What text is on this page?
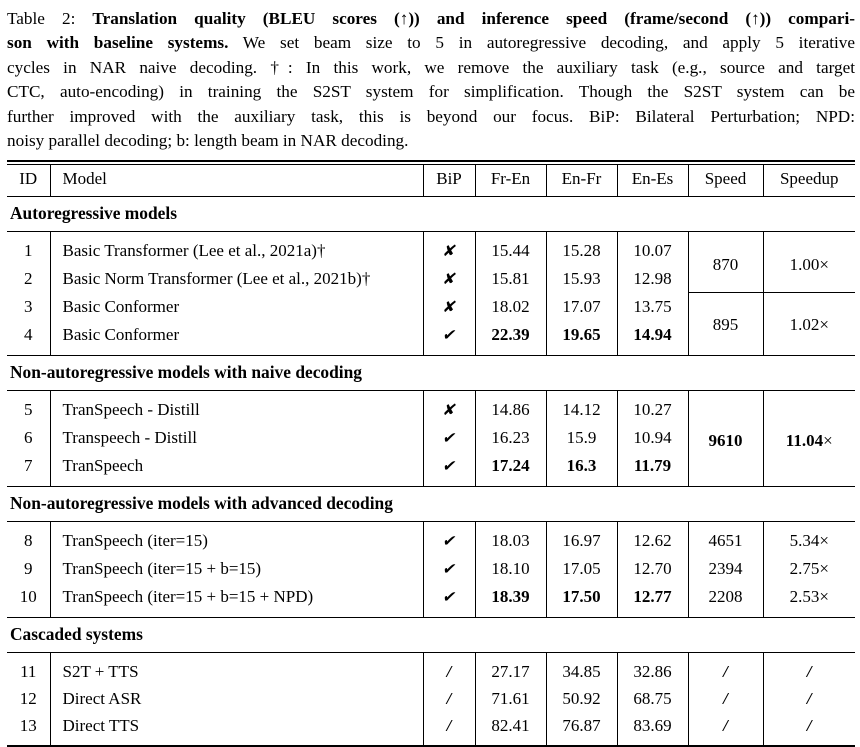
Table 2: Translation quality (BLEU scores (↑)) and inference speed (frame/second (↑)) compari-
son with baseline systems. We set beam size to 5 in autoregressive decoding, and apply 5 iterative
cycles in NAR naive decoding. †: In this work, we remove the auxiliary task (e.g., source and target
CTC, auto-encoding) in training the S2ST system for simplification. Though the S2ST system can be
further improved with the auxiliary task, this is beyond our focus. BiP: Bilateral Perturbation; NPD:
noisy parallel decoding; b: length beam in NAR decoding.
ID	Model	BiP	Fr-En	En-Fr	En-Es	Speed	Speedup
Autoregressive models							
1	Basic Transformer (Lee et al., 2021a)†	✘	15.44	15.28	10.07	870	1.00×
2	Basic Norm Transformer (Lee et al., 2021b)†	✘	15.81	15.93	12.98		
3	Basic Conformer	✘	18.02	17.07	13.75	895	1.02×
4	Basic Conformer	✔	22.39	19.65	14.94		
Non-autoregressive models with naive decoding							
5	TranSpeech - Distill	✘	14.86	14.12	10.27	9610	11.04×
6	Transpeech - Distill	✔	16.23	15.9	10.94		
7	TranSpeech	✔	17.24	16.3	11.79		
Non-autoregressive models with advanced decoding							
8	TranSpeech (iter=15)	✔	18.03	16.97	12.62	4651	5.34×
9	TranSpeech (iter=15 + b=15)	✔	18.10	17.05	12.70	2394	2.75×
10	TranSpeech (iter=15 + b=15 + NPD)	✔	18.39	17.50	12.77	2208	2.53×
Cascaded systems							
11	S2T + TTS	/	27.17	34.85	32.86	/	/
12	Direct ASR	/	71.61	50.92	68.75	/	/
13	Direct TTS	/	82.41	76.87	83.69	/	/
